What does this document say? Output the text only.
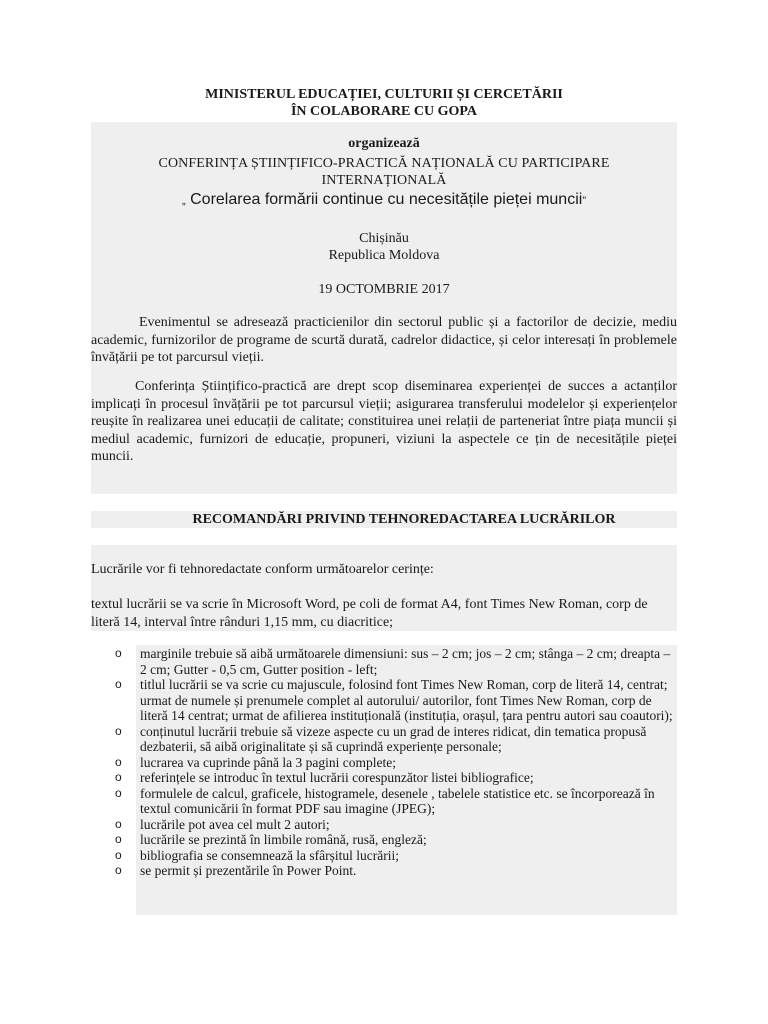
MINISTERUL EDUCAȚIEI, CULTURII ȘI CERCETĂRII
ÎN COLABORARE CU GOPA
organizează
CONFERINȚA ȘTIINȚIFICO-PRACTICĂ NAȚIONALĂ CU PARTICIPARE
INTERNAȚIONALĂ
„ Corelarea formării continue cu necesitățile pieței muncii”
Chișinău
Republica Moldova
19 OCTOMBRIE 2017
Evenimentul se adresează practicienilor din sectorul public și a factorilor de decizie, mediu academic, furnizorilor de programe de scurtă durată, cadrelor didactice, și celor interesați în problemele învățării pe tot parcursul vieții.
Conferința Științifico-practică are drept scop diseminarea experienței de succes a actanților implicați în procesul învățării pe tot parcursul vieții; asigurarea transferului modelelor și experiențelor reușite în realizarea unei educații de calitate; constituirea unei relații de parteneriat între piața muncii și mediul academic, furnizori de educație, propuneri, viziuni la aspectele ce țin de necesitățile pieței muncii.
RECOMANDĂRI PRIVIND TEHNOREDACTAREA LUCRĂRILOR
Lucrările vor fi tehnoredactate conform următoarelor cerințe:
textul lucrării se va scrie în Microsoft Word, pe coli de format A4, font Times New Roman, corp de literă 14, interval între rânduri 1,15 mm, cu diacritice;
o marginile trebuie să aibă următoarele dimensiuni: sus – 2 cm; jos – 2 cm; stânga – 2 cm; dreapta – 2 cm; Gutter - 0,5 cm, Gutter position - left;
o titlul lucrării se va scrie cu majuscule, folosind font Times New Roman, corp de literă 14, centrat; urmat de numele și prenumele complet al autorului/ autorilor, font Times New Roman, corp de literă 14 centrat; urmat de afilierea instituțională (instituția, orașul, țara pentru autori sau coautori);
o conținutul lucrării trebuie să vizeze aspecte cu un grad de interes ridicat, din tematica propusă dezbaterii, să aibă originalitate și să cuprindă experiențe personale;
o lucrarea va cuprinde până la 3 pagini complete;
o referințele se introduc în textul lucrării corespunzător listei bibliografice;
o formulele de calcul, graficele, histogramele, desenele , tabelele statistice etc. se încorporează în textul comunicării în format PDF sau imagine (JPEG);
o lucrările pot avea cel mult 2 autori;
o lucrările se prezintă în limbile română, rusă, engleză;
o bibliografia se consemnează la sfârșitul lucrării;
o se permit și prezentările în Power Point.
